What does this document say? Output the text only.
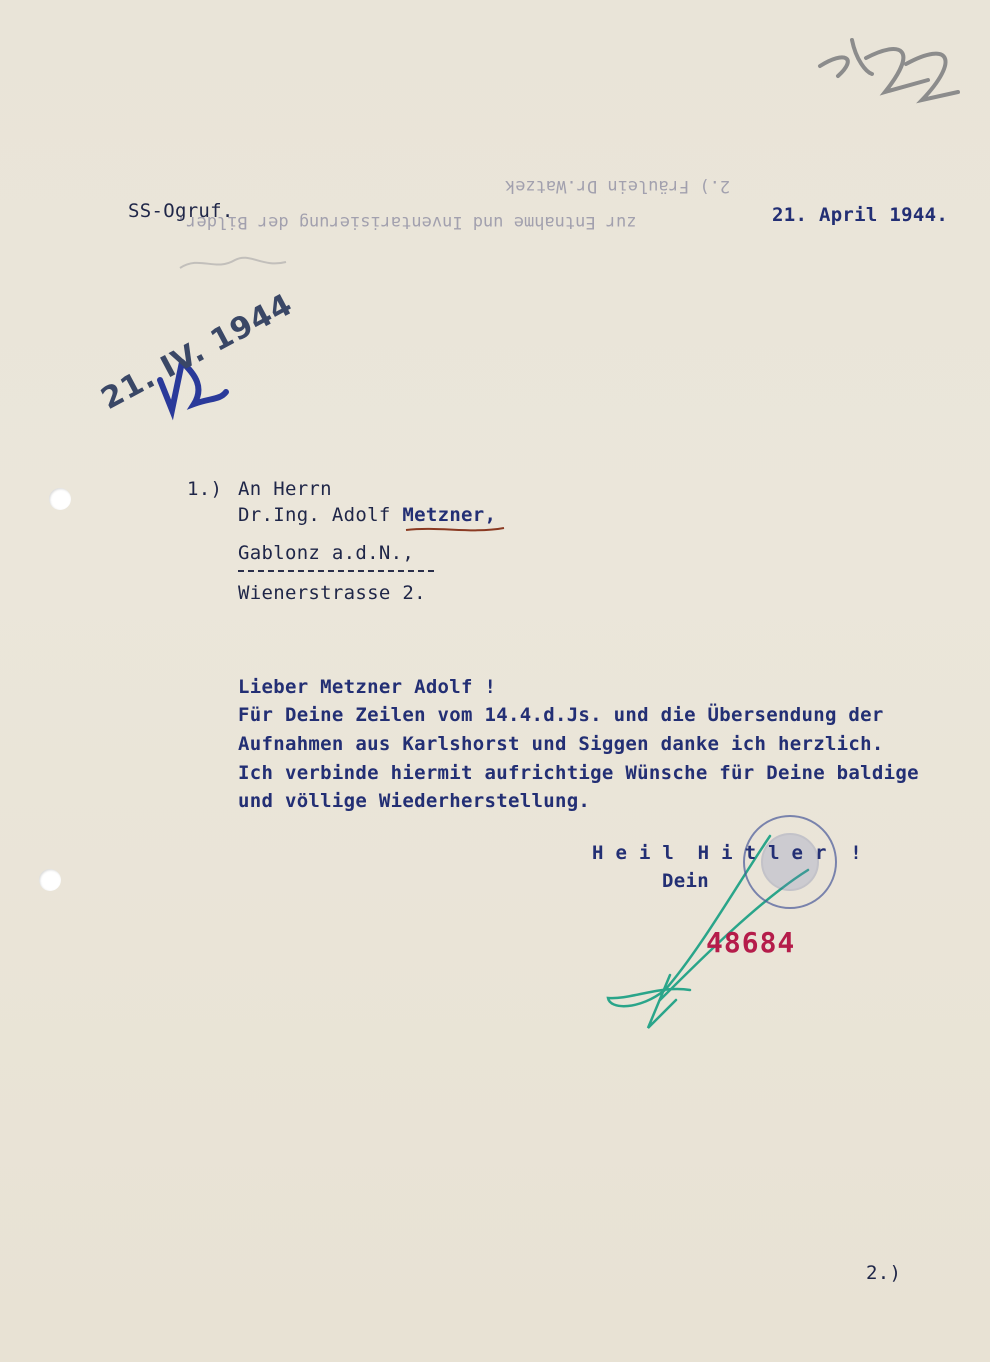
2.) Fräulein Dr.Watzek
zur Entnahme und Inventarisierung der Bilder.
SS-Ogruf.	21. April 1944.
21. IV. 1944
1.) An Herrn
Dr.Ing. Adolf Metzner,
Gablonz a.d.N.,
Wienerstrasse 2.
Lieber Metzner Adolf !
Für Deine Zeilen vom 14.4.d.Js. und die Übersendung der
Aufnahmen aus Karlshorst und Siggen danke ich herzlich.
Ich verbinde hiermit aufrichtige Wünsche für Deine baldige
und völlige Wiederherstellung.
H e i l  H i t l e r  !
Dein
48684
2.)
